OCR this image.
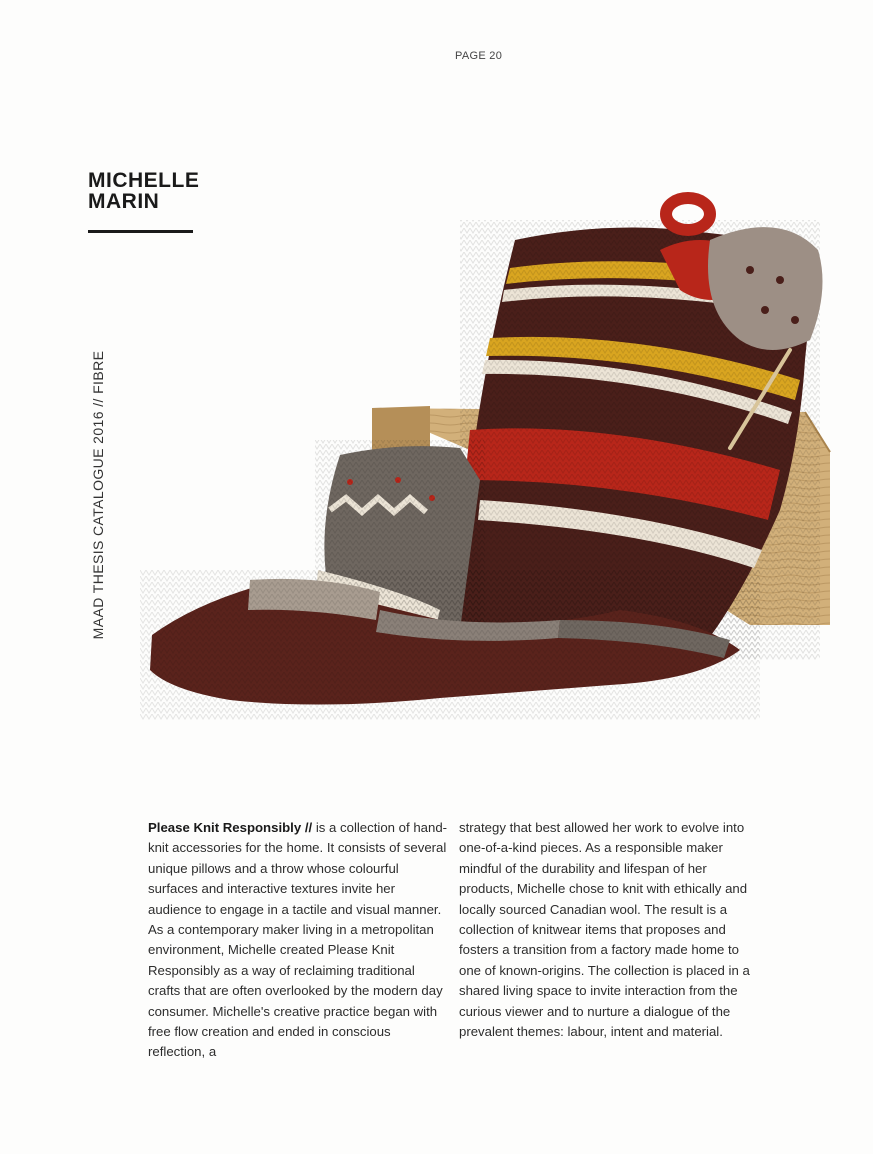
PAGE 20
MICHELLE
MARIN
MAAD THESIS CATALOGUE 2016 // FIBRE

Please Knit Responsibly // is a collection of hand-knit accessories for the home. It consists of several unique pillows and a throw whose colourful surfaces and interactive textures invite her audience to engage in a tactile and visual manner. As a contemporary maker living in a metropolitan environment, Michelle created Please Knit Responsibly as a way of reclaiming traditional crafts that are often overlooked by the modern day consumer. Michelle's creative practice began with free flow creation and ended in conscious reflection, a

strategy that best allowed her work to evolve into one-of-a-kind pieces. As a responsible maker mindful of the durability and lifespan of her products, Michelle chose to knit with ethically and locally sourced Canadian wool. The result is a collection of knitwear items that proposes and fosters a transition from a factory made home to one of known-origins. The collection is placed in a shared living space to invite interaction from the curious viewer and to nurture a dialogue of the prevalent themes: labour, intent and material.
